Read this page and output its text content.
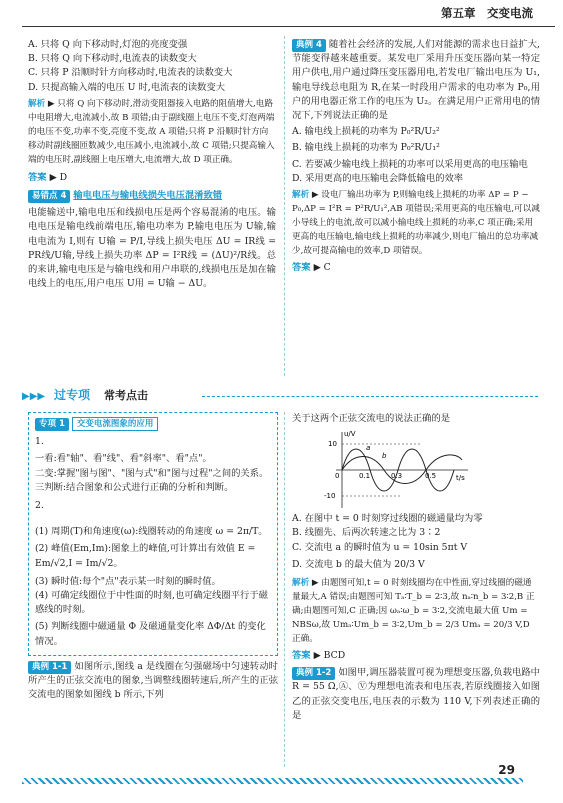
第五章　交变电流

A. 只将 Q 向下移动时,灯泡的亮度变强

B. 只将 Q 向下移动时,电流表的读数变大

C. 只将 P 沿顺时针方向移动时,电流表的读数变大

D. 只提高输入端的电压 U 时,电流表的读数变大

解析 ▶ 只将 Q 向下移动时,滑动变阻器接入电路的阻值增大,电路中电阻增大,电流减小,故 B 项错;由于副线圈上电压不变,灯泡两端的电压不变,功率不变,亮度不变,故 A 项错;只将 P 沿顺时针方向移动时副线圈匝数减少,电压减小,电流减小,故 C 项错;只提高输入端的电压时,副线圈上电压增大,电流增大,故 D 项正确。

答案 ▶ D

易错点 4 输电电压与输电线损失电压混淆致错

电能输送中,输电电压和线损电压是两个容易混淆的电压。输电电压是输电线前端电压,输电功率为 P,输电电压为 U输,输电电流为 I,则有 U输 = P/I,导线上损失电压 ΔU = IR线 = PR线/U输,导线上损失功率 ΔP = I²R线 = (ΔU)²/R线。总的来讲,输电电压是与输电线和用户串联的,线损电压是加在输电线上的电压,用户电压 U用 = U输 − ΔU。

典例 4 随着社会经济的发展,人们对能源的需求也日益扩大,节能变得越来越重要。某发电厂采用升压变压器向某一特定用户供电,用户通过降压变压器用电,若发电厂输出电压为 U₁,输电导线总电阻为 R,在某一时段用户需求的电功率为 P₀,用户的用电器正常工作的电压为 U₂。在满足用户正常用电的情况下,下列说法正确的是

A. 输电线上损耗的功率为 P₀²R/U₂²

B. 输电线上损耗的功率为 P₀²R/U₁²

C. 若要减少输电线上损耗的功率可以采用更高的电压输电

D. 采用更高的电压输电会降低输电的效率

解析 ▶ 设电厂输出功率为 P,则输电线上损耗的功率 ΔP = P − P₀,ΔP = I²R = P²R/U₁²,AB 项错误;采用更高的电压输电,可以减小导线上的电流,故可以减小输电线上损耗的功率,C 项正确;采用更高的电压输电,输电线上损耗的功率减少,则电厂输出的总功率减少,故可提高输电的效率,D 项错误。

答案 ▶ C

▶▶▶ 过专项 常考点击

专项 1 交变电流图象的应用

1.

一看:看"轴"、看"线"、看"斜率"、看"点"。

二变:掌握"图与图"、"图与式"和"图与过程"之间的关系。

三判断:结合图象和公式进行正确的分析和判断。

2.

(1) 周期(T)和角速度(ω):线圈转动的角速度 ω = 2π/T。

(2) 峰值(Em,Im):图象上的峰值,可计算出有效值 E = Em/√2,I = Im/√2。

(3) 瞬时值:每个"点"表示某一时刻的瞬时值。

(4) 可确定线圈位于中性面的时刻,也可确定线圈平行于磁感线的时刻。

(5) 判断线圈中磁通量 Φ 及磁通量变化率 ΔΦ/Δt 的变化情况。

典例 1-1 如图所示,图线 a 是线圈在匀强磁场中匀速转动时所产生的正弦交流电的图象,当调整线圈转速后,所产生的正弦交流电的图象如图线 b 所示,下列

关于这两个正弦交流电的说法正确的是

u/V
t/s
10
-10
0	0.1	0.3	0.5
a
b

A. 在图中 t = 0 时刻穿过线圈的磁通量均为零

B. 线圈先、后两次转速之比为 3∶2

C. 交流电 a 的瞬时值为 u = 10sin 5πt V

D. 交流电 b 的最大值为 20/3 V

解析 ▶ 由题图可知,t = 0 时刻线圈均在中性面,穿过线圈的磁通量最大,A 错误;由题图可知 Tₐ∶T_b = 2∶3,故 nₐ∶n_b = 3∶2,B 正确;由题图可知,C 正确;因 ωₐ∶ω_b = 3∶2,交流电最大值 Um = NBSω,故 Umₐ∶Um_b = 3∶2,Um_b = 2/3 Umₐ = 20/3 V,D 正确。

答案 ▶ BCD

典例 1-2 如图甲,调压器装置可视为理想变压器,负载电路中 R = 55 Ω,Ⓐ、Ⓥ为理想电流表和电压表,若原线圈接入如图乙的正弦交变电压,电压表的示数为 110 V,下列表述正确的是

29
